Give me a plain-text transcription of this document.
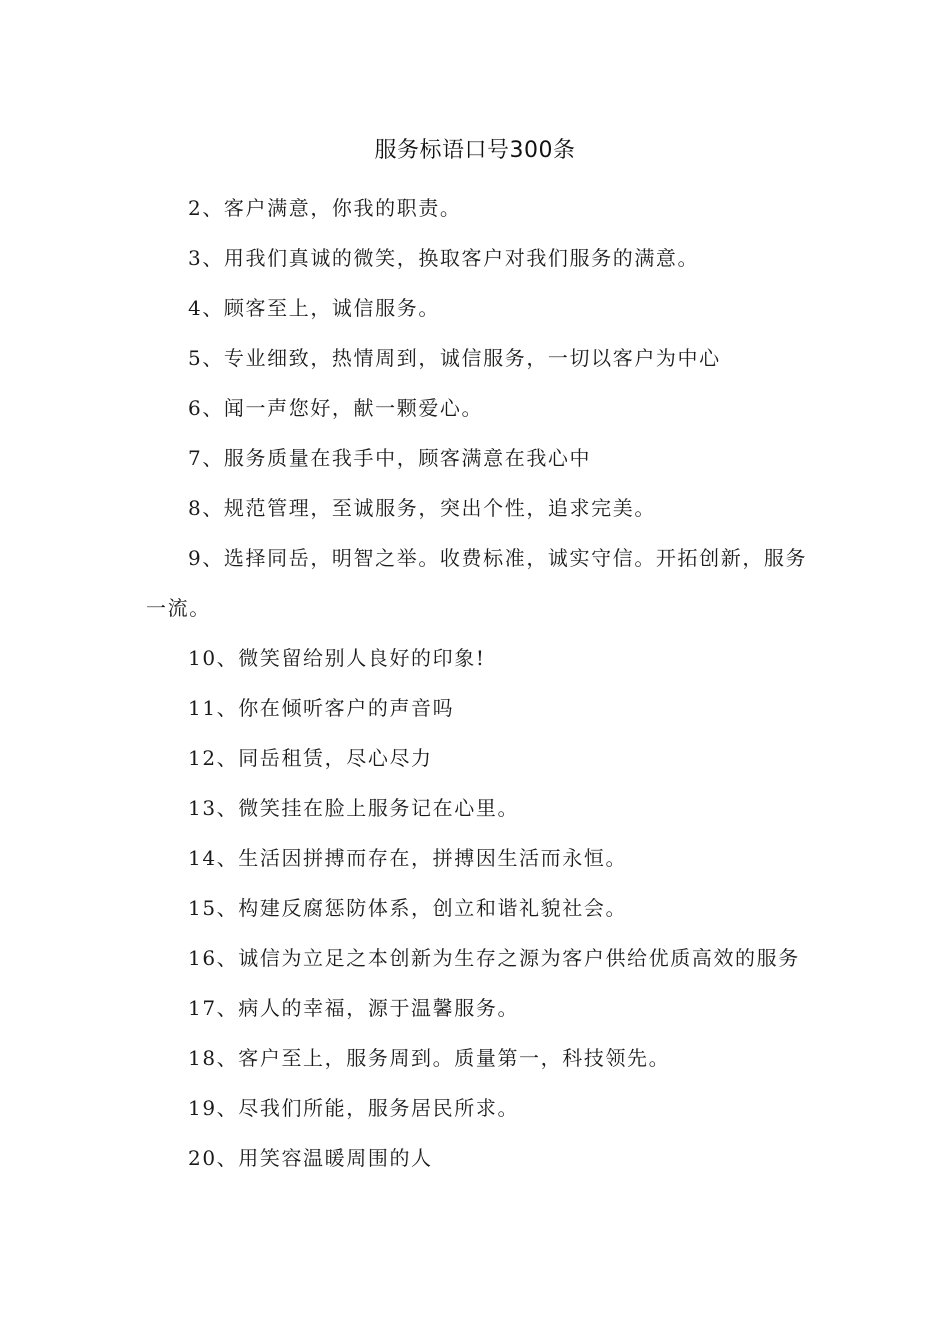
服务标语口号300条

2、客户满意，你我的职责。

3、用我们真诚的微笑，换取客户对我们服务的满意。

4、顾客至上，诚信服务。

5、专业细致，热情周到，诚信服务，一切以客户为中心

6、闻一声您好，献一颗爱心。

7、服务质量在我手中，顾客满意在我心中

8、规范管理，至诚服务，突出个性，追求完美。

9、选择同岳，明智之举。收费标准，诚实守信。开拓创新，服务一流。

10、微笑留给别人良好的印象!

11、你在倾听客户的声音吗

12、同岳租赁，尽心尽力

13、微笑挂在脸上服务记在心里。

14、生活因拼搏而存在，拼搏因生活而永恒。

15、构建反腐惩防体系，创立和谐礼貌社会。

16、诚信为立足之本创新为生存之源为客户供给优质高效的服务

17、病人的幸福，源于温馨服务。

18、客户至上，服务周到。质量第一，科技领先。

19、尽我们所能，服务居民所求。

20、用笑容温暖周围的人
